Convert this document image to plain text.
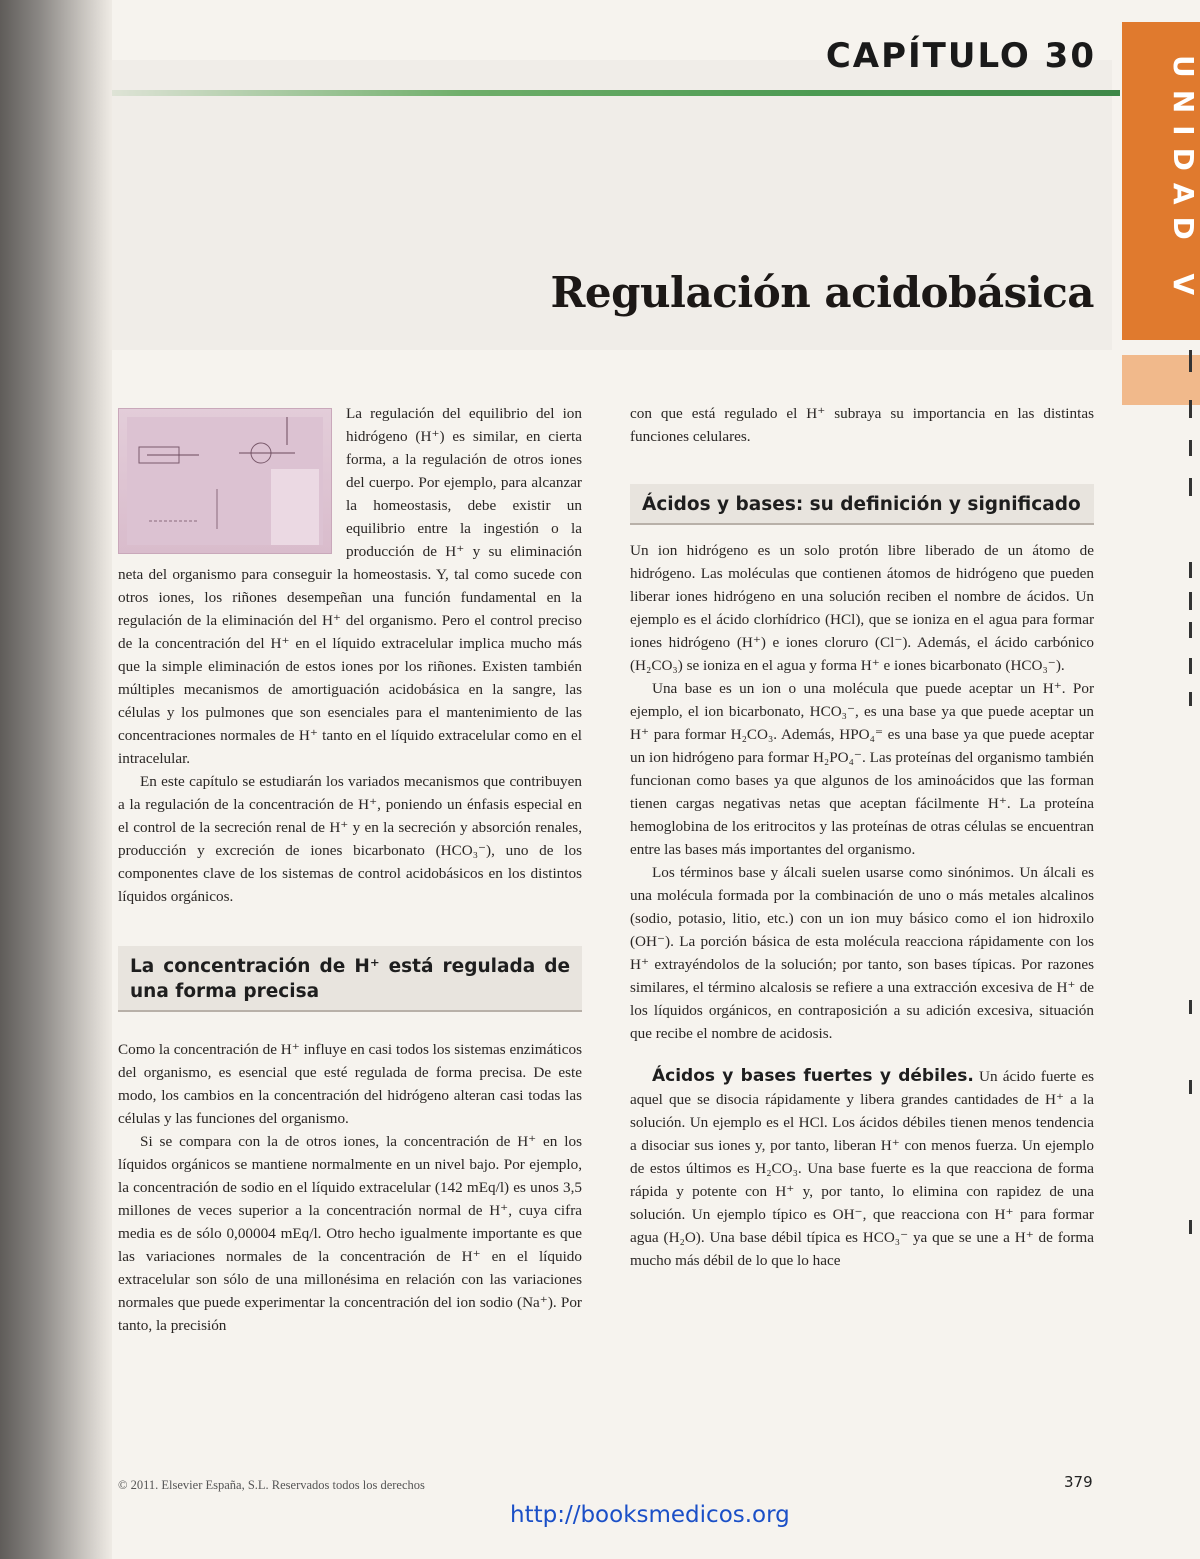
CAPÍTULO 30
Regulación acidobásica	UNIDAD V

La regulación del equilibrio del ion hidrógeno (H⁺) es similar, en cierta forma, a la regulación de otros iones del cuerpo. Por ejemplo, para alcanzar la homeostasis, debe existir un equilibrio entre la ingestión o la producción de H⁺ y su eliminación neta del organismo para conseguir la homeostasis. Y, tal como sucede con otros iones, los riñones desempeñan una función fundamental en la regulación de la eliminación del H⁺ del organismo. Pero el control preciso de la concentración del H⁺ en el líquido extracelular implica mucho más que la simple eliminación de estos iones por los riñones. Existen también múltiples mecanismos de amortiguación acidobásica en la sangre, las células y los pulmones que son esenciales para el mantenimiento de las concentraciones normales de H⁺ tanto en el líquido extracelular como en el intracelular.

En este capítulo se estudiarán los variados mecanismos que contribuyen a la regulación de la concentración de H⁺, poniendo un énfasis especial en el control de la secreción renal de H⁺ y en la secreción y absorción renales, producción y excreción de iones bicarbonato (HCO₃⁻), uno de los componentes clave de los sistemas de control acidobásicos en los distintos líquidos orgánicos.

La concentración de H⁺ está regulada de una forma precisa

Como la concentración de H⁺ influye en casi todos los sistemas enzimáticos del organismo, es esencial que esté regulada de forma precisa. De este modo, los cambios en la concentración del hidrógeno alteran casi todas las células y las funciones del organismo.

Si se compara con la de otros iones, la concentración de H⁺ en los líquidos orgánicos se mantiene normalmente en un nivel bajo. Por ejemplo, la concentración de sodio en el líquido extracelular (142 mEq/l) es unos 3,5 millones de veces superior a la concentración normal de H⁺, cuya cifra media es de sólo 0,00004 mEq/l. Otro hecho igualmente importante es que las variaciones normales de la concentración de H⁺ en el líquido extracelular son sólo de una millonésima en relación con las variaciones normales que puede experimentar la concentración del ion sodio (Na⁺). Por tanto, la precisión

con que está regulado el H⁺ subraya su importancia en las distintas funciones celulares.

Ácidos y bases: su definición y significado

Un ion hidrógeno es un solo protón libre liberado de un átomo de hidrógeno. Las moléculas que contienen átomos de hidrógeno que pueden liberar iones hidrógeno en una solución reciben el nombre de ácidos. Un ejemplo es el ácido clorhídrico (HCl), que se ioniza en el agua para formar iones hidrógeno (H⁺) e iones cloruro (Cl⁻). Además, el ácido carbónico (H₂CO₃) se ioniza en el agua y forma H⁺ e iones bicarbonato (HCO₃⁻).

Una base es un ion o una molécula que puede aceptar un H⁺. Por ejemplo, el ion bicarbonato, HCO₃⁻, es una base ya que puede aceptar un H⁺ para formar H₂CO₃. Además, HPO₄⁼ es una base ya que puede aceptar un ion hidrógeno para formar H₂PO₄⁻. Las proteínas del organismo también funcionan como bases ya que algunos de los aminoácidos que las forman tienen cargas negativas netas que aceptan fácilmente H⁺. La proteína hemoglobina de los eritrocitos y las proteínas de otras células se encuentran entre las bases más importantes del organismo.

Los términos base y álcali suelen usarse como sinónimos. Un álcali es una molécula formada por la combinación de uno o más metales alcalinos (sodio, potasio, litio, etc.) con un ion muy básico como el ion hidroxilo (OH⁻). La porción básica de esta molécula reacciona rápidamente con los H⁺ extrayéndolos de la solución; por tanto, son bases típicas. Por razones similares, el término alcalosis se refiere a una extracción excesiva de H⁺ de los líquidos orgánicos, en contraposición a su adición excesiva, situación que recibe el nombre de acidosis.

Ácidos y bases fuertes y débiles. Un ácido fuerte es aquel que se disocia rápidamente y libera grandes cantidades de H⁺ a la solución. Un ejemplo es el HCl. Los ácidos débiles tienen menos tendencia a disociar sus iones y, por tanto, liberan H⁺ con menos fuerza. Un ejemplo de estos últimos es H₂CO₃. Una base fuerte es la que reacciona de forma rápida y potente con H⁺ y, por tanto, lo elimina con rapidez de una solución. Un ejemplo típico es OH⁻, que reacciona con H⁺ para formar agua (H₂O). Una base débil típica es HCO₃⁻ ya que se une a H⁺ de forma mucho más débil de lo que lo hace

© 2011. Elsevier España, S.L. Reservados todos los derechos	379
http://booksmedicos.org
